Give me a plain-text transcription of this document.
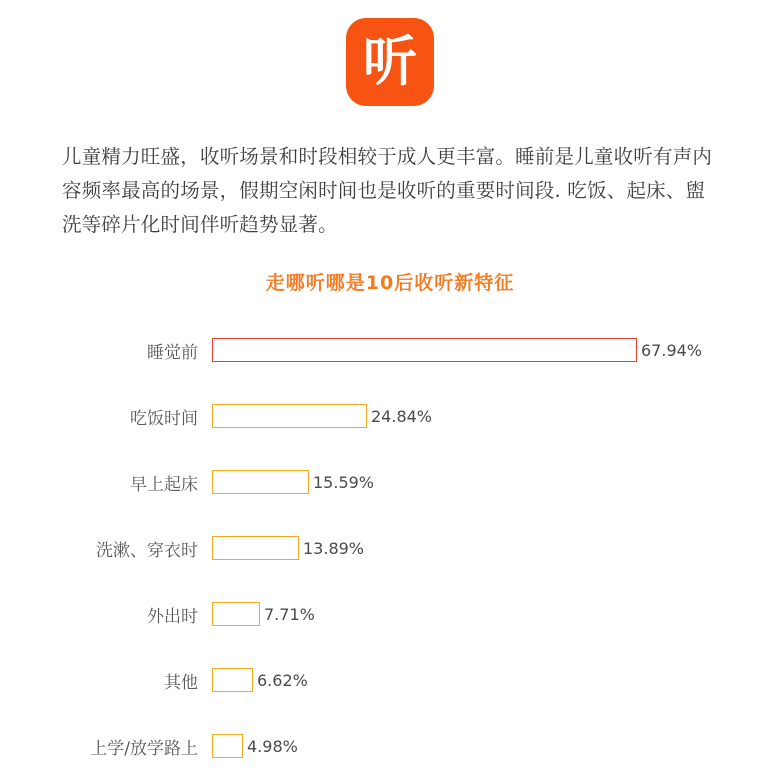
听

儿童精力旺盛，收听场景和时段相较于成人更丰富。睡前是儿童收听有声内容频率最高的场景，假期空闲时间也是收听的重要时间段. 吃饭、起床、盥洗等碎片化时间伴听趋势显著。

走哪听哪是10后收听新特征
睡觉前	67.94%
吃饭时间	24.84%
早上起床	15.59%
洗漱、穿衣时	13.89%
外出时	7.71%
其他	6.62%
上学/放学路上	4.98%
